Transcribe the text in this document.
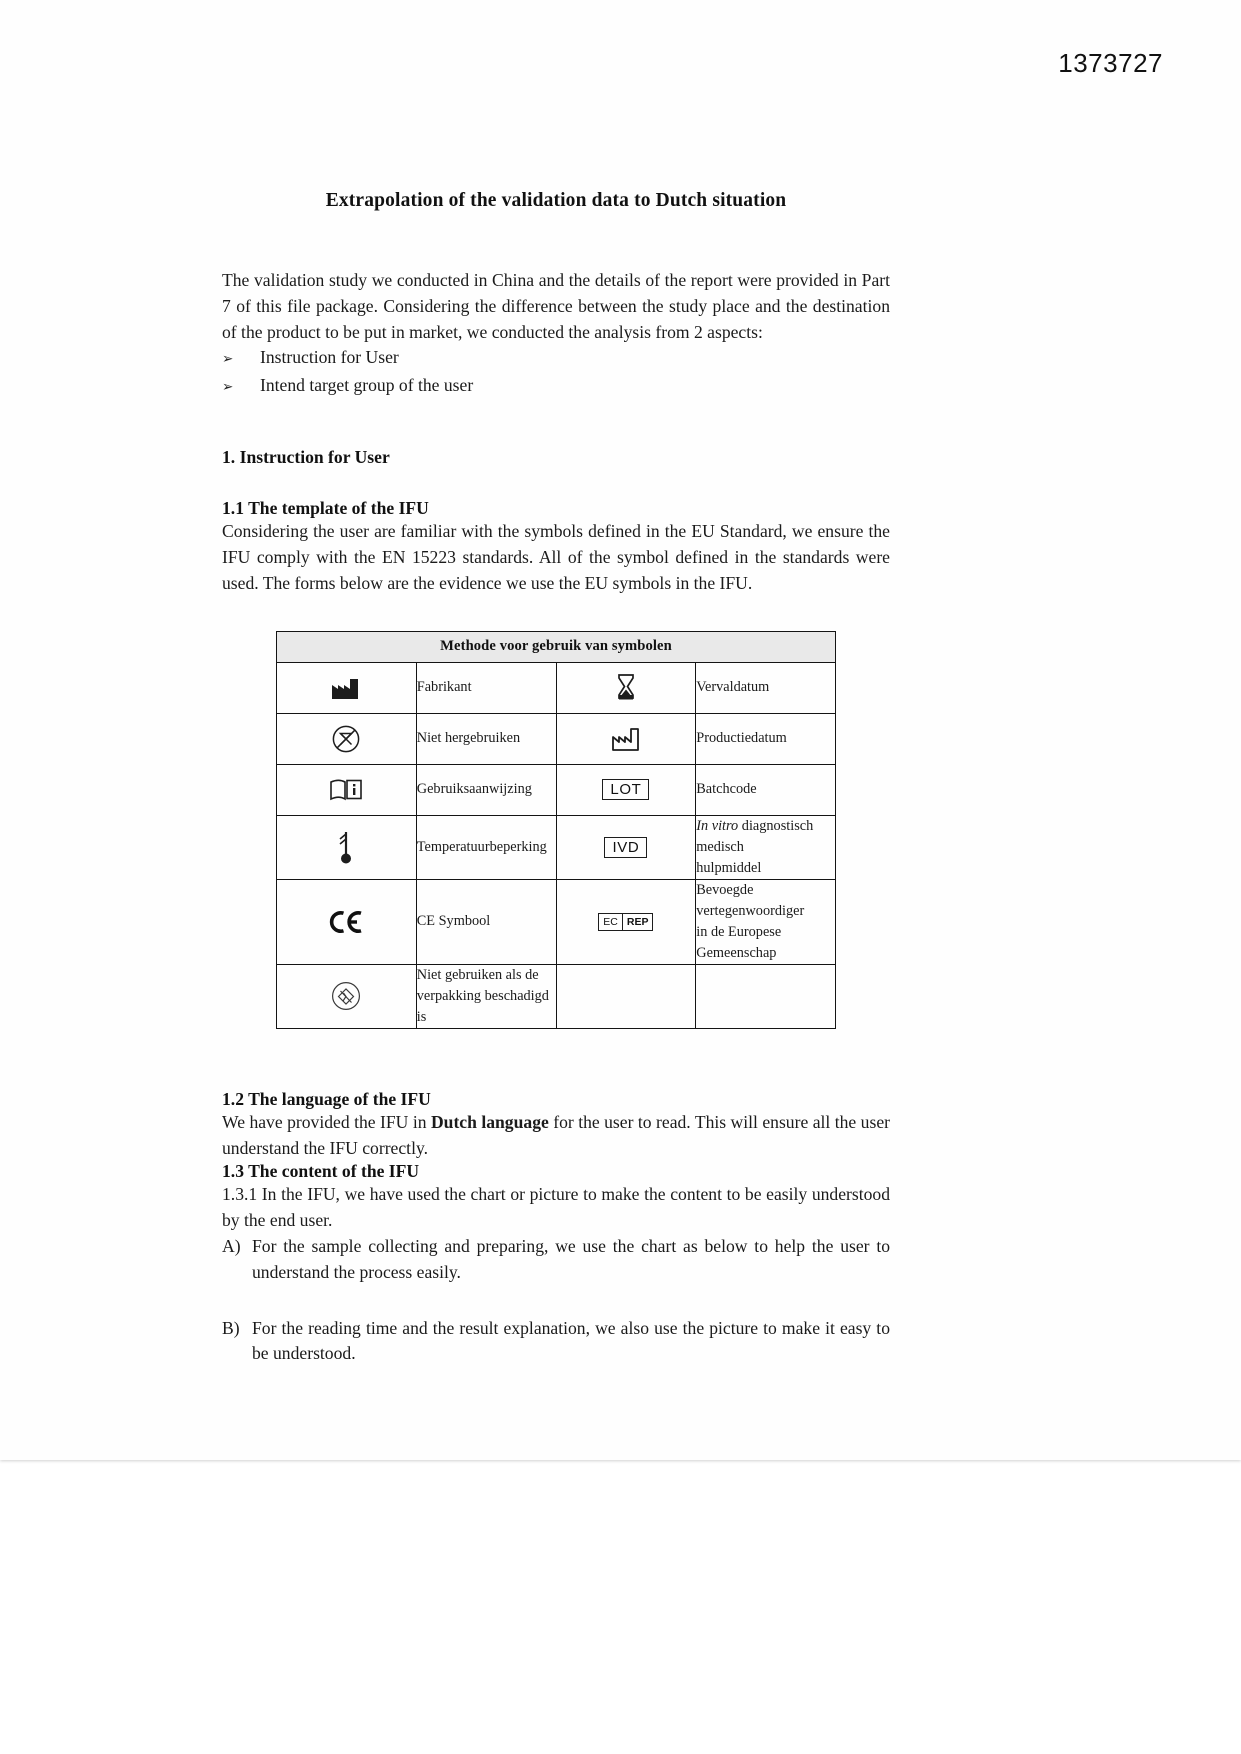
1373727
Extrapolation of the validation data to Dutch situation

The validation study we conducted in China and the details of the report were provided in Part 7 of this file package. Considering the difference between the study place and the destination of the product to be put in market, we conducted the analysis from 2 aspects:

➢	Instruction for User
➢	Intend target group of the user
1. Instruction for User
1.1 The template of the IFU

Considering the user are familiar with the symbols defined in the EU Standard, we ensure the IFU comply with the EN 15223 standards. All of the symbol defined in the standards were used. The forms below are the evidence we use the EU symbols in the IFU.

Methode voor gebruik van symbolen			
	Fabrikant		Vervaldatum
	Niet hergebruiken		Productiedatum
	Gebruiksaanwijzing	LOT	Batchcode
	Temperatuurbeperking	IVD	In vitro diagnostisch medisch
hulpmiddel
	CE Symbool	EC REP	Bevoegde vertegenwoordiger
in de Europese Gemeenschap
	Niet gebruiken als de
verpakking beschadigd is		
1.2 The language of the IFU

We have provided the IFU in Dutch language for the user to read. This will ensure all the user understand the IFU correctly.

1.3 The content of the IFU

1.3.1 In the IFU, we have used the chart or picture to make the content to be easily understood by the end user.

A) For the sample collecting and preparing, we use the chart as below to help the user to understand the process easily.
B) For the reading time and the result explanation, we also use the picture to make it easy to be understood.
